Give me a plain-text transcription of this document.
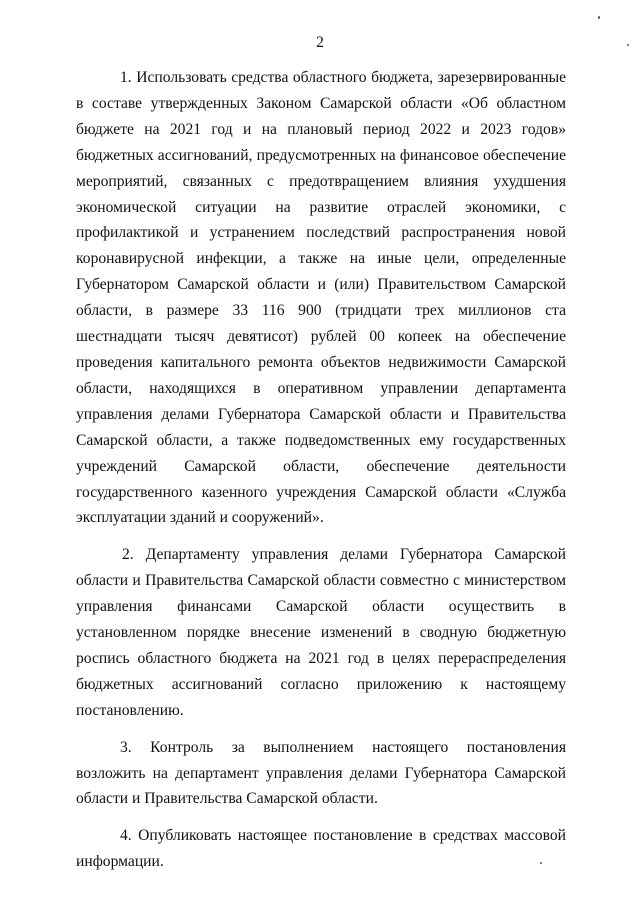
2

1. Использовать средства областного бюджета, зарезервированные в составе утвержденных Законом Самарской области «Об областном бюджете на 2021 год и на плановый период 2022 и 2023 годов» бюджетных ассигнований, предусмотренных на финансовое обеспечение мероприятий, связанных с предотвращением влияния ухудшения экономической ситуации на развитие отраслей экономики, с профилактикой и устранением последствий распространения новой коронавирусной инфекции, а также на иные цели, определенные Губернатором Самарской области и (или) Правительством Самарской области, в размере 33 116 900 (тридцати трех миллионов ста шестнадцати тысяч девятисот) рублей 00 копеек на обеспечение проведения капитального ремонта объектов недвижимости Самарской области, находящихся в оперативном управлении департамента управления делами Губернатора Самарской области и Правительства Самарской области, а также подведомственных ему государственных учреждений Самарской области, обеспечение деятельности государственного казенного учреждения Самарской области «Служба эксплуатации зданий и сооружений».

2. Департаменту управления делами Губернатора Самарской области и Правительства Самарской области совместно с министерством управления финансами Самарской области осуществить в установленном порядке внесение изменений в сводную бюджетную роспись областного бюджета на 2021 год в целях перераспределения бюджетных ассигнований согласно приложению к настоящему постановлению.

3. Контроль за выполнением настоящего постановления возложить на департамент управления делами Губернатора Самарской области и Правительства Самарской области.

4. Опубликовать настоящее постановление в средствах массовой информации.
